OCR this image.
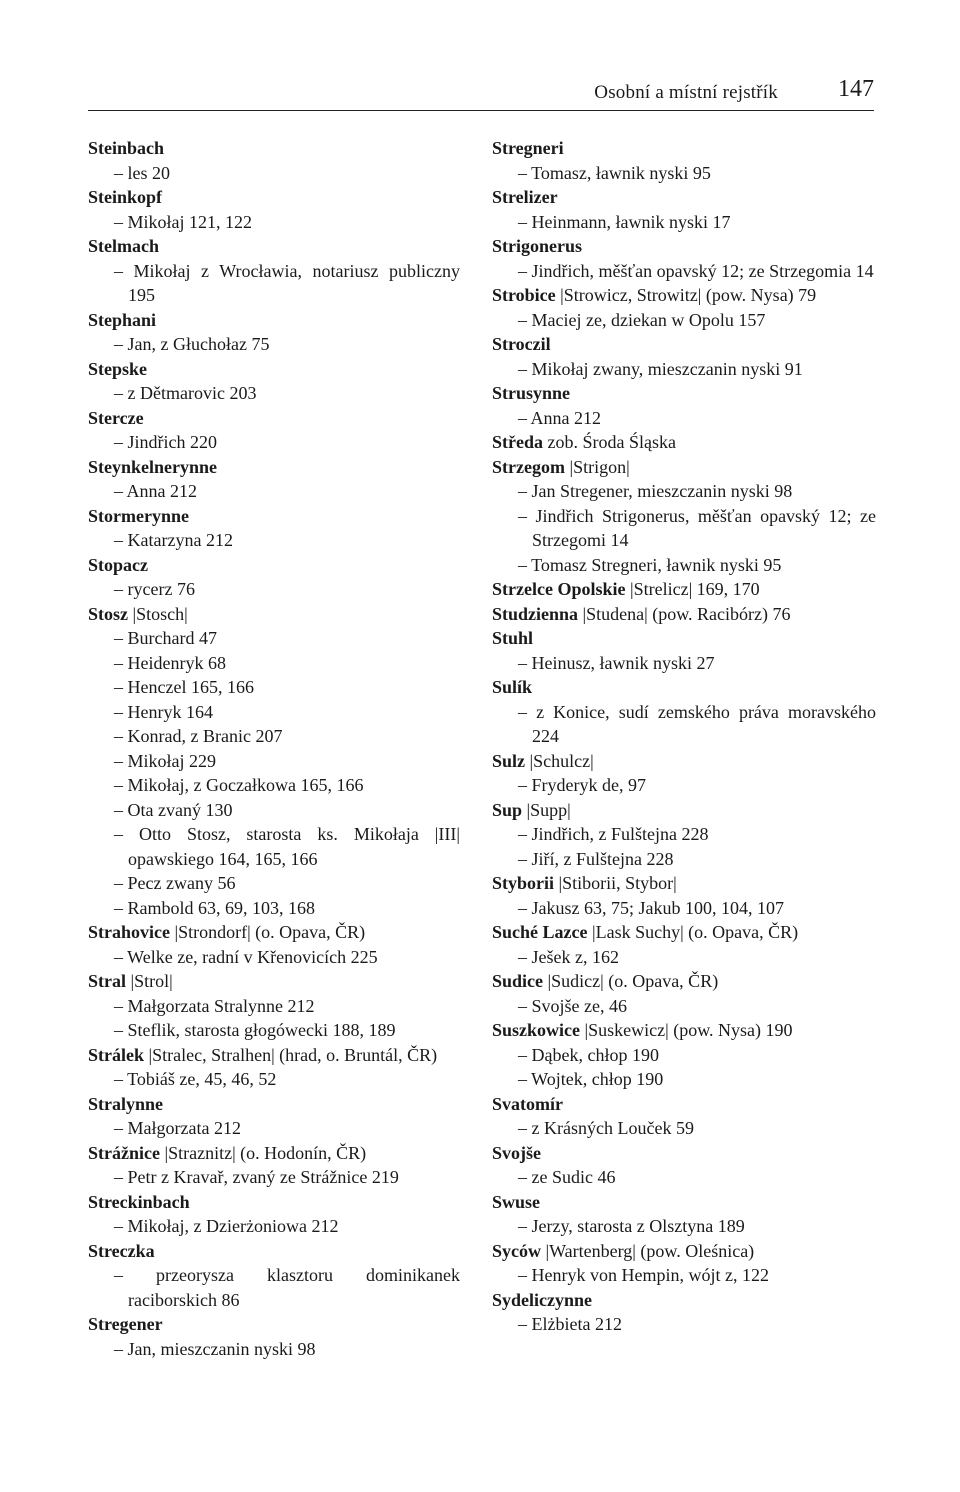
Osobní a místní rejstřík	147
Steinbach
– les 20
Steinkopf
– Mikołaj 121, 122
Stelmach
– Mikołaj z Wrocławia, notariusz publiczny 195
Stephani
– Jan, z Głuchołaz 75
Stepske
– z Dětmarovic 203
Stercze
– Jindřich 220
Steynkelnerynne
– Anna 212
Stormerynne
– Katarzyna 212
Stopacz
– rycerz 76
Stosz |Stosch|
– Burchard 47
– Heidenryk 68
– Henczel 165, 166
– Henryk 164
– Konrad, z Branic 207
– Mikołaj 229
– Mikołaj, z Goczałkowa 165, 166
– Ota zvaný 130
– Otto Stosz, starosta ks. Mikołaja |III| opawskiego 164, 165, 166
– Pecz zwany 56
– Rambold 63, 69, 103, 168
Strahovice |Strondorf| (o. Opava, ČR)
– Welke ze, radní v Křenovicích 225
Stral |Strol|
– Małgorzata Stralynne 212
– Steflik, starosta głogówecki 188, 189
Strálek |Stralec, Stralhen| (hrad, o. Bruntál, ČR)
– Tobiáš ze, 45, 46, 52
Stralynne
– Małgorzata 212
Strážnice |Straznitz| (o. Hodonín, ČR)
– Petr z Kravař, zvaný ze Strážnice 219
Streckinbach
– Mikołaj, z Dzierżoniowa 212
Streczka
– przeorysza klasztoru dominikanek raciborskich 86
Stregener
– Jan, mieszczanin nyski 98
Stregneri
– Tomasz, ławnik nyski 95
Strelizer
– Heinmann, ławnik nyski 17
Strigonerus
– Jindřich, měšťan opavský 12; ze Strzegomia 14
Strobice |Strowicz, Strowitz| (pow. Nysa) 79
– Maciej ze, dziekan w Opolu 157
Stroczil
– Mikołaj zwany, mieszczanin nyski 91
Strusynne
– Anna 212
Středa zob. Środa Śląska
Strzegom |Strigon|
– Jan Stregener, mieszczanin nyski 98
– Jindřich Strigonerus, měšťan opavský 12; ze Strzegomi 14
– Tomasz Stregneri, ławnik nyski 95
Strzelce Opolskie |Strelicz| 169, 170
Studzienna |Studena| (pow. Racibórz) 76
Stuhl
– Heinusz, ławnik nyski 27
Sulík
– z Konice, sudí zemského práva moravského 224
Sulz |Schulcz|
– Fryderyk de, 97
Sup |Supp|
– Jindřich, z Fulštejna 228
– Jiří, z Fulštejna 228
Styborii |Stiborii, Stybor|
– Jakusz 63, 75; Jakub 100, 104, 107
Suché Lazce |Lask Suchy| (o. Opava, ČR)
– Ješek z, 162
Sudice |Sudicz| (o. Opava, ČR)
– Svojše ze, 46
Suszkowice |Suskewicz| (pow. Nysa) 190
– Dąbek, chłop 190
– Wojtek, chłop 190
Svatomír
– z Krásných Louček 59
Svojše
– ze Sudic 46
Swuse
– Jerzy, starosta z Olsztyna 189
Syców |Wartenberg| (pow. Oleśnica)
– Henryk von Hempin, wójt z, 122
Sydeliczynne
– Elżbieta 212
